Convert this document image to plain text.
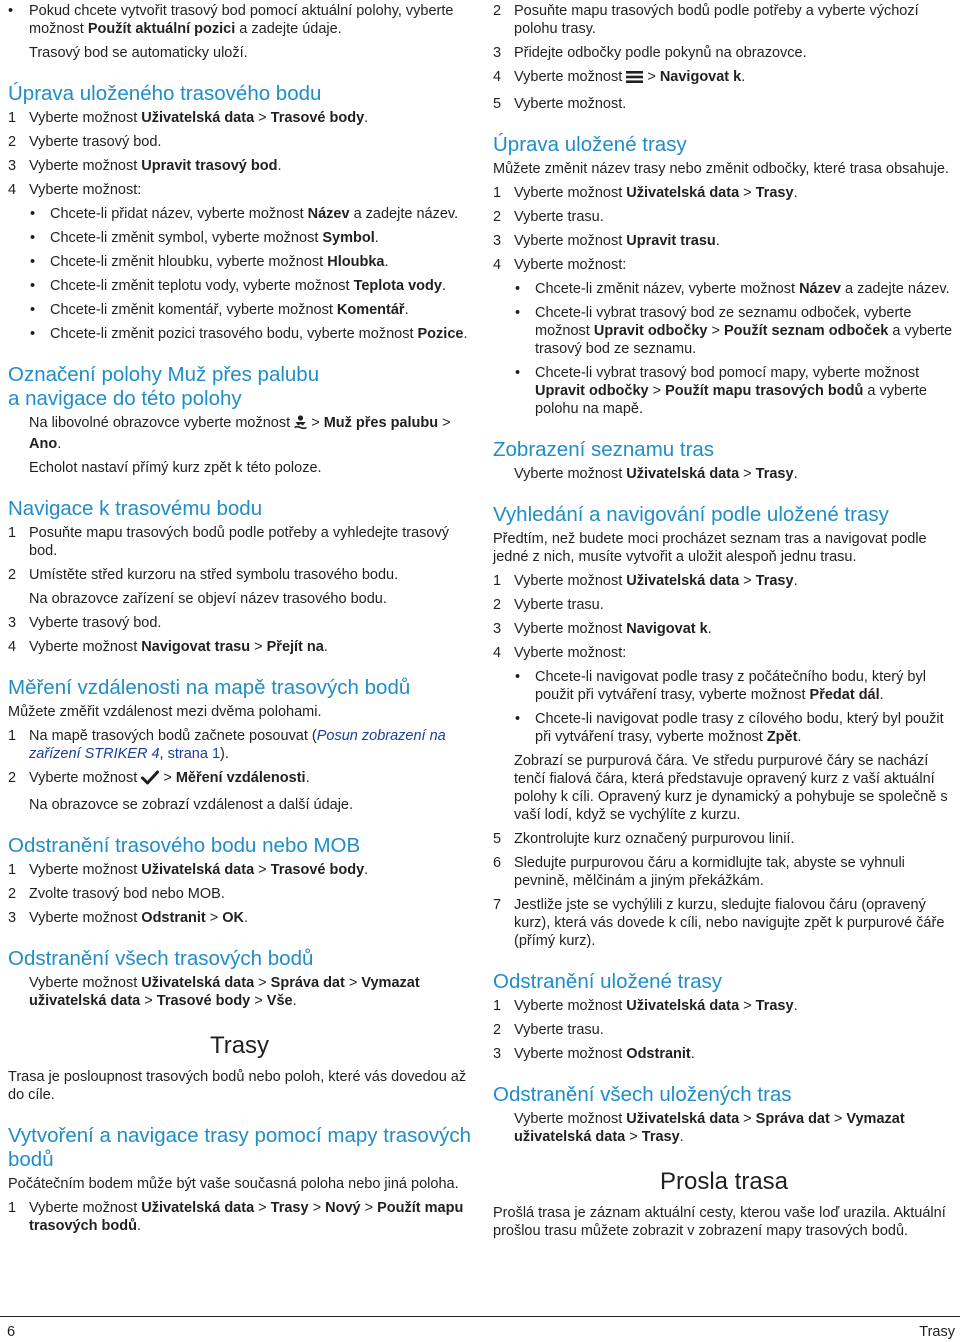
• Pokud chcete vytvořit trasový bod pomocí aktuální polohy, vyberte možnost Použít aktuální pozici a zadejte údaje.

Trasový bod se automaticky uloží.

Úprava uloženého trasového bodu
1 Vyberte možnost Uživatelská data > Trasové body.
2 Vyberte trasový bod.
3 Vyberte možnost Upravit trasový bod.
4 Vyberte možnost:
• Chcete-li přidat název, vyberte možnost Název a zadejte název.
• Chcete-li změnit symbol, vyberte možnost Symbol.
• Chcete-li změnit hloubku, vyberte možnost Hloubka.
• Chcete-li změnit teplotu vody, vyberte možnost Teplota vody.
• Chcete-li změnit komentář, vyberte možnost Komentář.
• Chcete-li změnit pozici trasového bodu, vyberte možnost Pozice.
Označení polohy Muž přes palubu
a navigace do této polohy

Na libovolné obrazovce vyberte možnost  > Muž přes palubu > Ano.

Echolot nastaví přímý kurz zpět k této poloze.

Navigace k trasovému bodu
1 Posuňte mapu trasových bodů podle potřeby a vyhledejte trasový bod.
2 Umístěte střed kurzoru na střed symbolu trasového bodu.

Na obrazovce zařízení se objeví název trasového bodu.

3 Vyberte trasový bod.
4 Vyberte možnost Navigovat trasu > Přejít na.
Měření vzdálenosti na mapě trasových bodů

Můžete změřit vzdálenost mezi dvěma polohami.

1 Na mapě trasových bodů začnete posouvat (Posun zobrazení na zařízení STRIKER 4, strana 1).
2 Vyberte možnost  > Měření vzdálenosti.

Na obrazovce se zobrazí vzdálenost a další údaje.

Odstranění trasového bodu nebo MOB
1 Vyberte možnost Uživatelská data > Trasové body.
2 Zvolte trasový bod nebo MOB.
3 Vyberte možnost Odstranit > OK.
Odstranění všech trasových bodů

Vyberte možnost Uživatelská data > Správa dat > Vymazat uživatelská data > Trasové body > Vše.

Trasy

Trasa je posloupnost trasových bodů nebo poloh, které vás dovedou až do cíle.

Vytvoření a navigace trasy pomocí mapy trasových bodů

Počátečním bodem může být vaše současná poloha nebo jiná poloha.

1 Vyberte možnost Uživatelská data > Trasy > Nový > Použít mapu trasových bodů.
2 Posuňte mapu trasových bodů podle potřeby a vyberte výchozí polohu trasy.
3 Přidejte odbočky podle pokynů na obrazovce.
4 Vyberte možnost  > Navigovat k.
5 Vyberte možnost.
Úprava uložené trasy

Můžete změnit název trasy nebo změnit odbočky, které trasa obsahuje.

1 Vyberte možnost Uživatelská data > Trasy.
2 Vyberte trasu.
3 Vyberte možnost Upravit trasu.
4 Vyberte možnost:
• Chcete-li změnit název, vyberte možnost Název a zadejte název.
• Chcete-li vybrat trasový bod ze seznamu odboček, vyberte možnost Upravit odbočky > Použít seznam odboček a vyberte trasový bod ze seznamu.
• Chcete-li vybrat trasový bod pomocí mapy, vyberte možnost Upravit odbočky > Použít mapu trasových bodů a vyberte polohu na mapě.
Zobrazení seznamu tras

Vyberte možnost Uživatelská data > Trasy.

Vyhledání a navigování podle uložené trasy

Předtím, než budete moci procházet seznam tras a navigovat podle jedné z nich, musíte vytvořit a uložit alespoň jednu trasu.

1 Vyberte možnost Uživatelská data > Trasy.
2 Vyberte trasu.
3 Vyberte možnost Navigovat k.
4 Vyberte možnost:
• Chcete-li navigovat podle trasy z počátečního bodu, který byl použit při vytváření trasy, vyberte možnost Předat dál.
• Chcete-li navigovat podle trasy z cílového bodu, který byl použit při vytváření trasy, vyberte možnost Zpět.

Zobrazí se purpurová čára. Ve středu purpurové čáry se nachází tenčí fialová čára, která představuje opravený kurz z vaší aktuální polohy k cíli. Opravený kurz je dynamický a pohybuje se společně s vaší lodí, když se vychýlíte z kurzu.

5 Zkontrolujte kurz označený purpurovou linií.
6 Sledujte purpurovou čáru a kormidlujte tak, abyste se vyhnuli pevnině, mělčinám a jiným překážkám.
7 Jestliže jste se vychýlili z kurzu, sledujte fialovou čáru (opravený kurz), která vás dovede k cíli, nebo navigujte zpět k purpurové čáře (přímý kurz).
Odstranění uložené trasy
1 Vyberte možnost Uživatelská data > Trasy.
2 Vyberte trasu.
3 Vyberte možnost Odstranit.
Odstranění všech uložených tras

Vyberte možnost Uživatelská data > Správa dat > Vymazat uživatelská data > Trasy.

Prosla trasa

Prošlá trasa je záznam aktuální cesty, kterou vaše loď urazila. Aktuální prošlou trasu můžete zobrazit v zobrazení mapy trasových bodů.

6	Trasy
